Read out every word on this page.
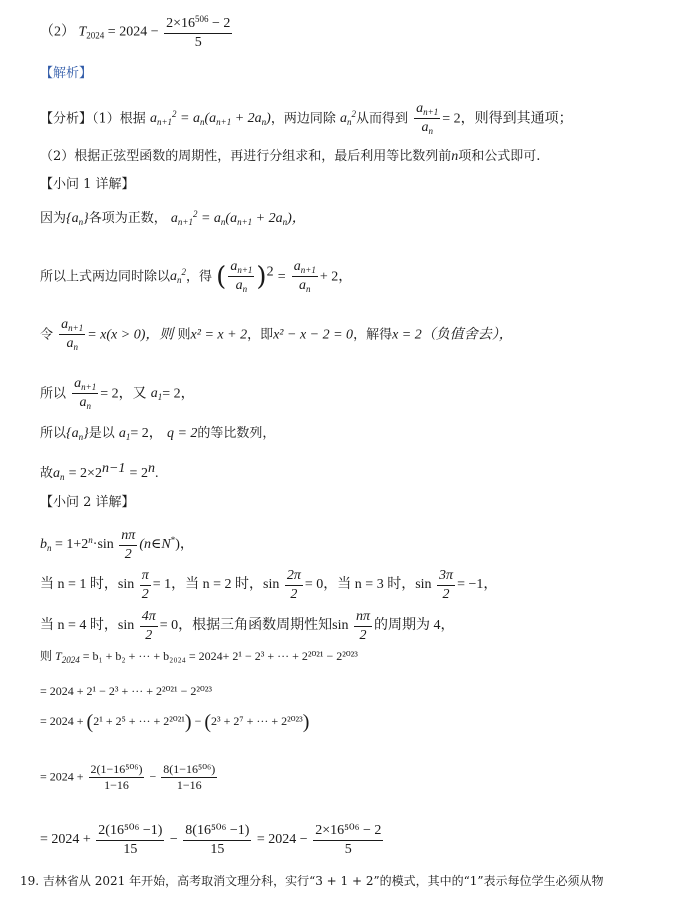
（2） $T_{2024} = 2024 - \frac{2\times 16^{506} - 2}{5}$
【解析】
【分析】（1）根据 $a_{n+1}^2 = a_n(a_{n+1} + 2a_n)$，两边同除 $a_n^2$从而得到 $\frac{a_{n+1}}{a_n} = 2$，则得到其通项；
（2）根据正弦型函数的周期性，再进行分组求和，最后利用等比数列前n项和公式即可.
【小问 1 详解】
因为$\{a_n\}$各项为正数， $a_{n+1}^2 = a_n(a_{n+1} + 2a_n)$，
所以上式两边同时除以$a_n^2$，得 ( $\frac{a_{n+1}}{a_n} )^2 = \frac{a_{n+1}}{a_n} + 2$，
令 $\frac{a_{n+1}}{a_n} = x(x > 0)$，则 则x² = x + 2，即x² − x − 2 = 0，解得x = 2（负值舍去），
所以 $\frac{a_{n+1}}{a_n} = 2$，又 $a_1= 2$，
所以$\{a_n\}$是以 $a_1= 2$， q = 2的等比数列，
故$a_n = 2\times 2^{n-1} = 2^n$.
【小问 2 详解】
$b_n = 1+2^n\cdot\sin \frac{n\pi}{2}$ (n∈N*)，
当 n = 1 时，$\sin \frac{\pi}{2} = 1$，当 n = 2 时，$\sin \frac{2\pi}{2} = 0$，当 n = 3 时，$\sin \frac{3\pi}{2} = -1$，
当 n = 4 时，$\sin \frac{4\pi}{2} = 0$，根据三角函数周期性知$\sin \frac{n\pi}{2}$ 的周期为 4，
则 $T_{2024} = b_1 + b_2$ + ··· + b₂₀₂₄ = 2024+ 2¹ − 2³ + ··· + 2²⁰²¹ − 2²⁰²³
= 2024 + 2¹ − 2³ + ··· + 2²⁰²¹ − 2²⁰²³
= 2024 + (2¹ + 2⁵ + ··· + 2²⁰²¹) − (2³ + 2⁷ + ··· + 2²⁰²³)
= $2024 + \frac{\text{2(1−16⁵⁰⁶)}}{1-16} - \frac{\text{8(1−16⁵⁰⁶)}}{1-16}$
= $2024 + \frac{\text{2(16⁵⁰⁶ −1)}}{15} - \frac{\text{8(16⁵⁰⁶ −1)}}{15} = 2024 - \frac{\text{2×16⁵⁰⁶ − 2}}{5}$
19. 吉林省从 2021 年开始，高考取消文理分科，实行“3 + 1 + 2”的模式，其中的“1”表示每位学生必须从物
